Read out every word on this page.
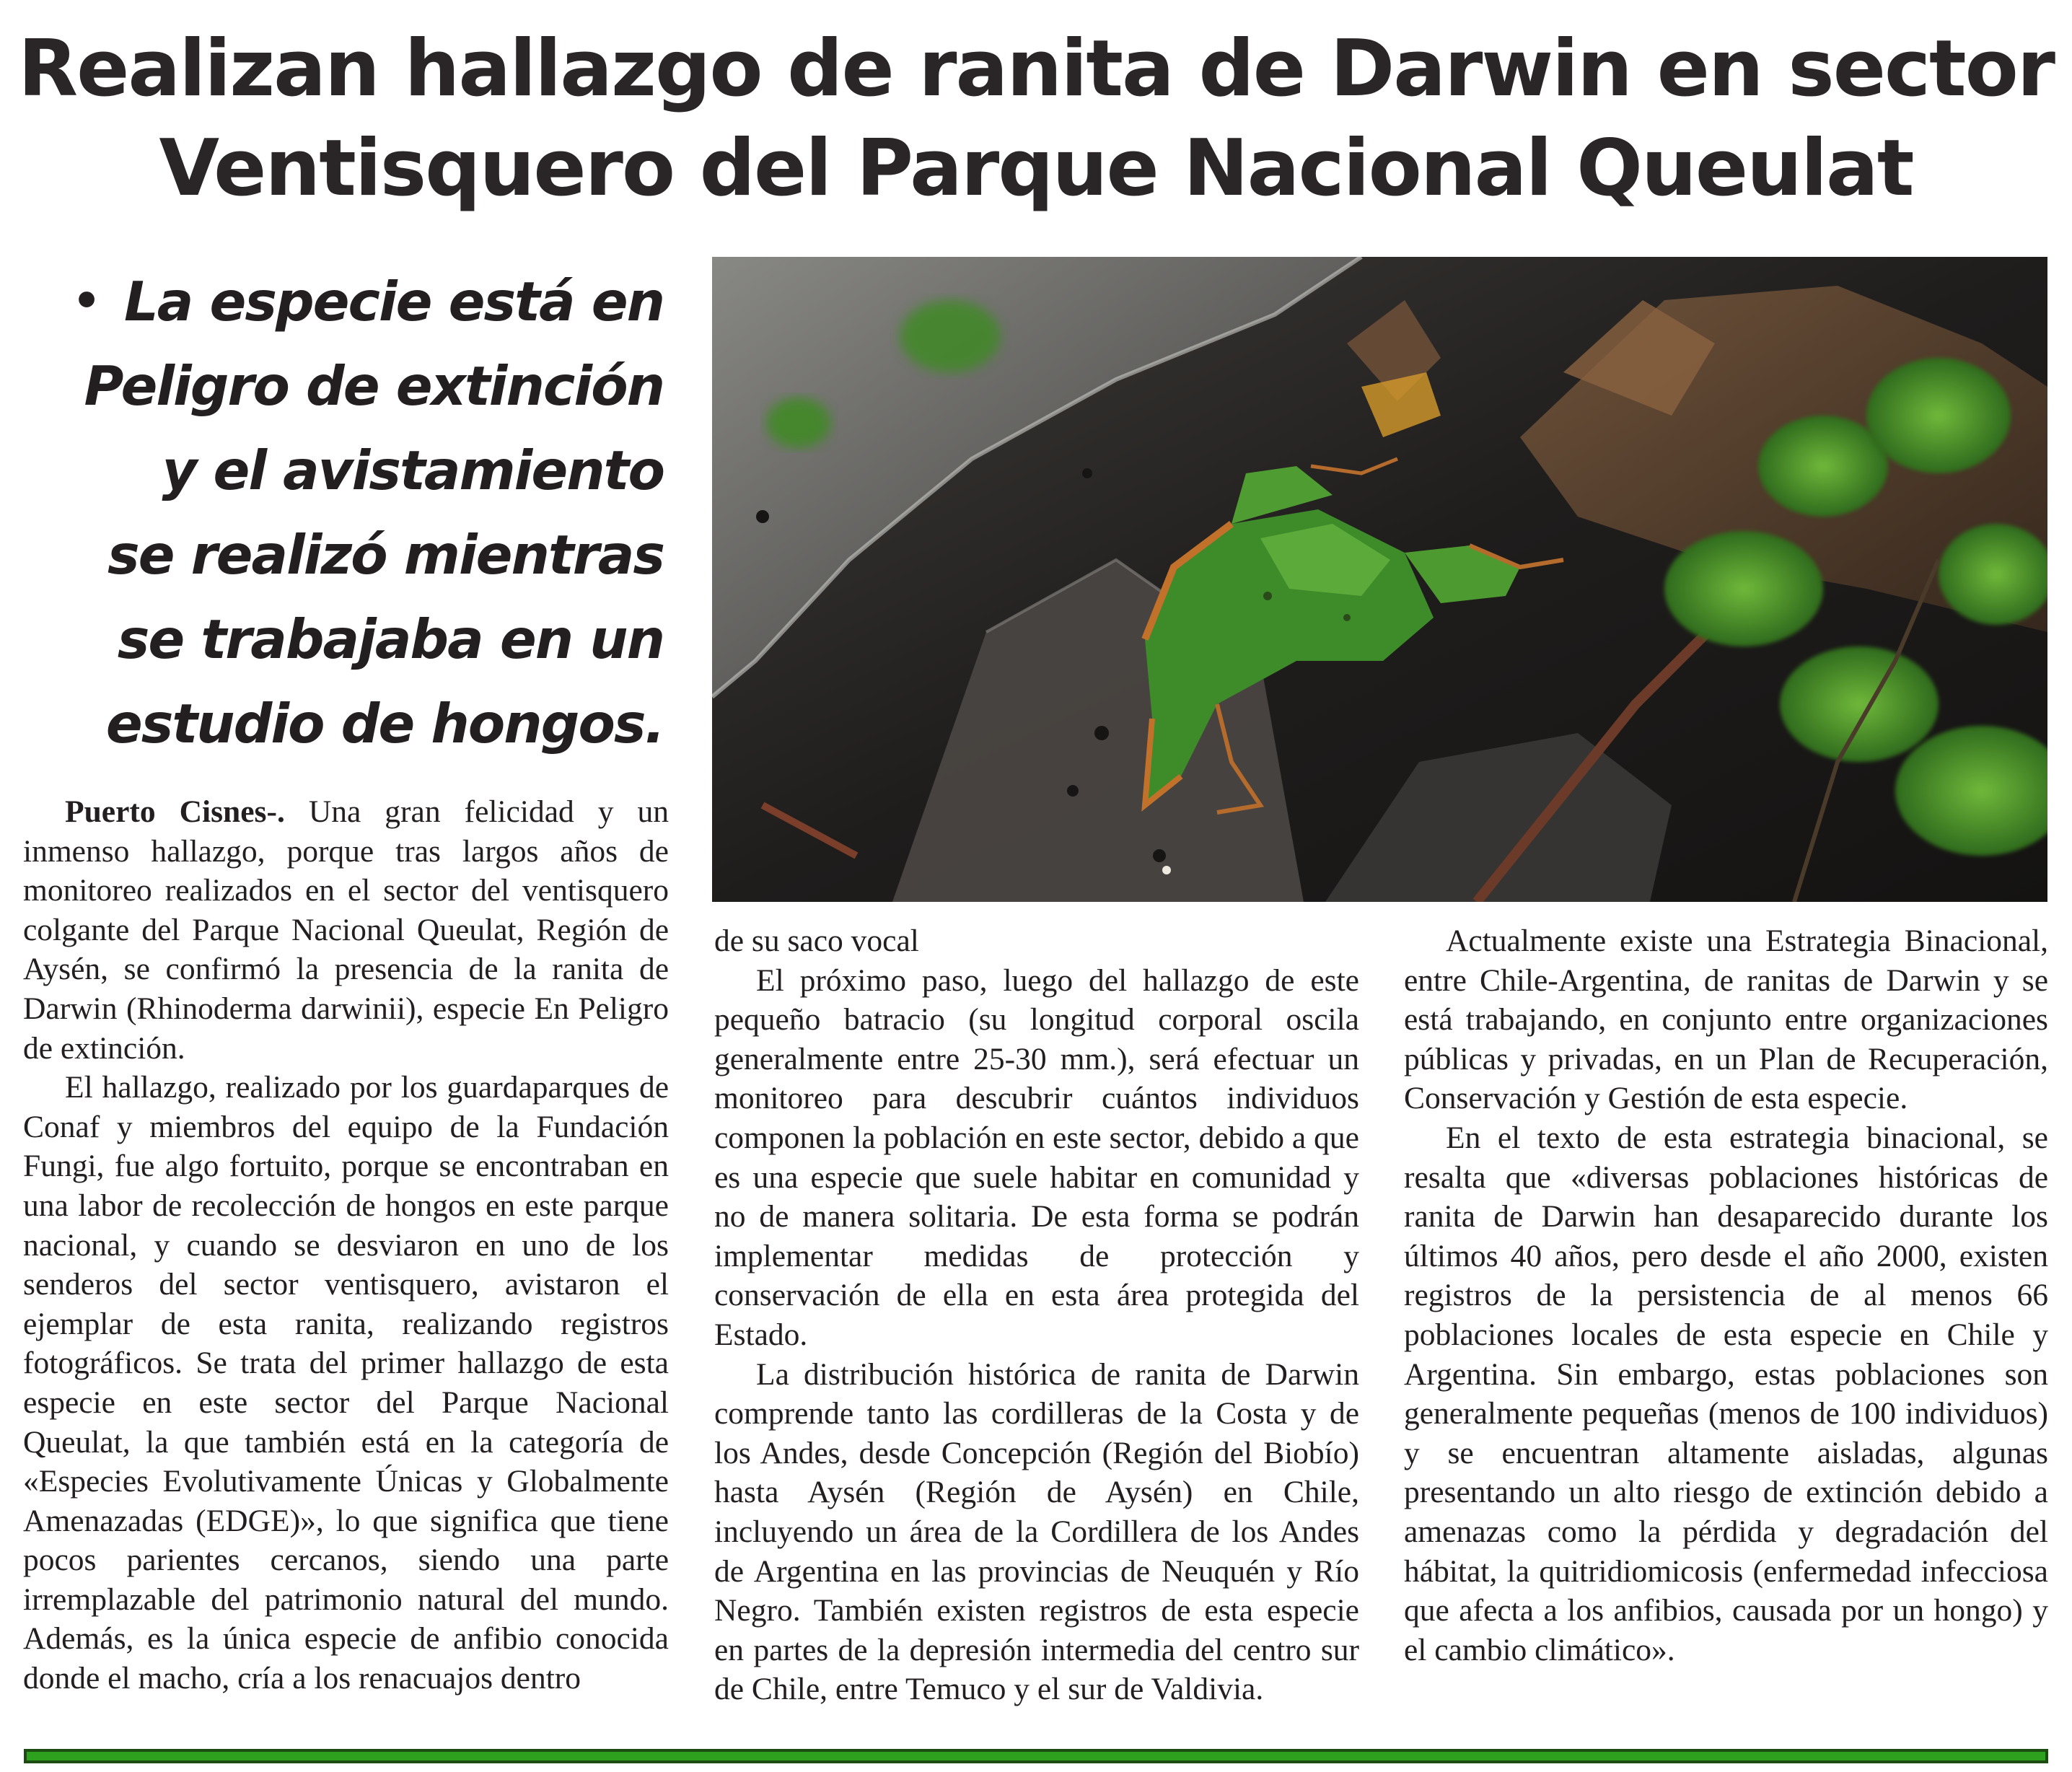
Realizan hallazgo de ranita de Darwin en sector
Ventisquero del Parque Nacional Queulat
• La especie está en
Peligro de extinción
y el avistamiento
se realizó mientras
se trabajaba en un
estudio de hongos.

Puerto Cisnes-. Una gran felicidad y un inmenso hallazgo, porque tras largos años de monitoreo realizados en el sector del ventisquero colgante del Parque Nacional Queulat, Región de Aysén, se confirmó la presencia de la ranita de Darwin (Rhinoderma darwinii), especie En Peligro de extinción.

El hallazgo, realizado por los guardaparques de Conaf y miembros del equipo de la Fundación Fungi, fue algo fortuito, porque se encontraban en una labor de recolección de hongos en este parque nacional, y cuando se desviaron en uno de los senderos del sector ventisquero, avistaron el ejemplar de esta ranita, realizando registros fotográficos. Se trata del primer hallazgo de esta especie en este sector del Parque Nacional Queulat, la que también está en la categoría de «Especies Evolutivamente Únicas y Globalmente Amenazadas (EDGE)», lo que significa que tiene pocos parientes cercanos, siendo una parte irremplazable del patrimonio natural del mundo. Además, es la única especie de anfibio conocida donde el macho, cría a los renacuajos dentro

de su saco vocal

El próximo paso, luego del hallazgo de este pequeño batracio (su longitud corporal oscila generalmente entre 25-30 mm.), será efectuar un monitoreo para descubrir cuántos individuos componen la población en este sector, debido a que es una especie que suele habitar en comunidad y no de manera solitaria. De esta forma se podrán implementar medidas de protección y conservación de ella en esta área protegida del Estado.

La distribución histórica de ranita de Darwin comprende tanto las cordilleras de la Costa y de los Andes, desde Concepción (Región del Biobío) hasta Aysén (Región de Aysén) en Chile, incluyendo un área de la Cordillera de los Andes de Argentina en las provincias de Neuquén y Río Negro. También existen registros de esta especie en partes de la depresión intermedia del centro sur de Chile, entre Temuco y el sur de Valdivia.

Actualmente existe una Estrategia Binacional, entre Chile-Argentina, de ranitas de Darwin y se está trabajando, en conjunto entre organizaciones públicas y privadas, en un Plan de Recuperación, Conservación y Gestión de esta especie.

En el texto de esta estrategia binacional, se resalta que «diversas poblaciones históricas de ranita de Darwin han desaparecido durante los últimos 40 años, pero desde el año 2000, existen registros de la persistencia de al menos 66 poblaciones locales de esta especie en Chile y Argentina. Sin embargo, estas poblaciones son generalmente pequeñas (menos de 100 individuos) y se encuentran altamente aisladas, algunas presentando un alto riesgo de extinción debido a amenazas como la pérdida y degradación del hábitat, la quitridiomicosis (enfermedad infecciosa que afecta a los anfibios, causada por un hongo) y el cambio climático».
